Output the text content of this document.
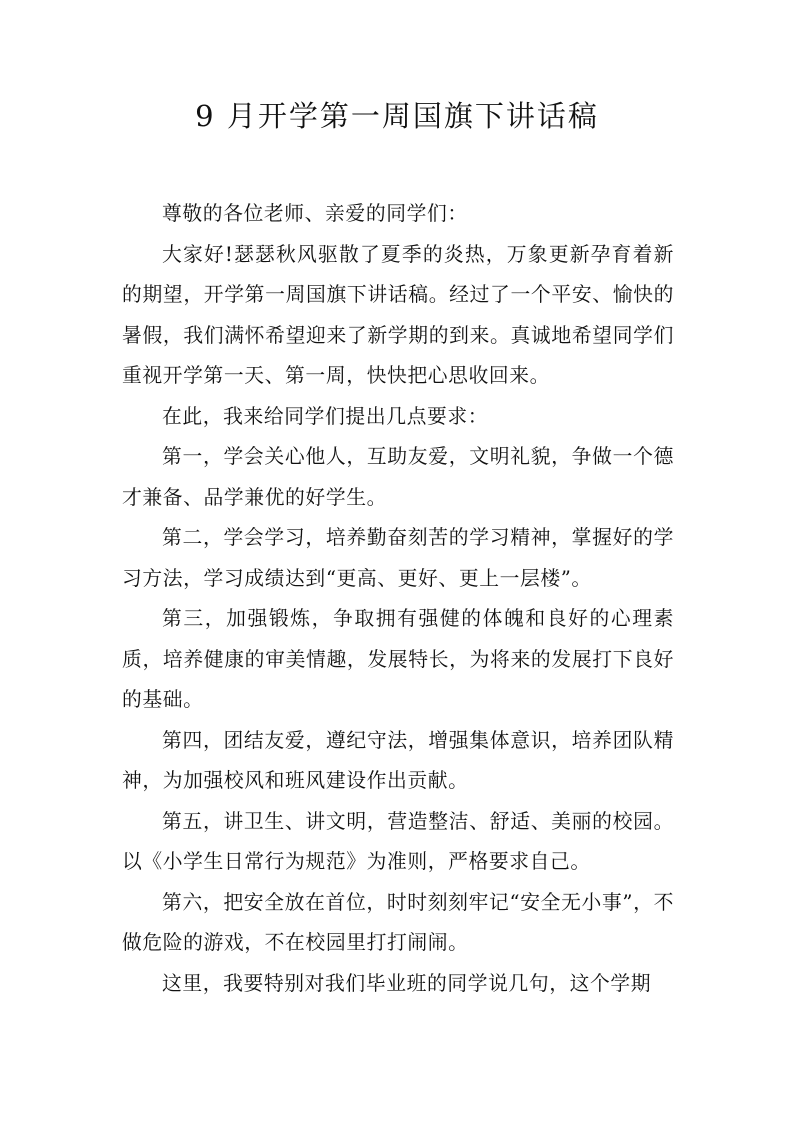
9 月开学第一周国旗下讲话稿

尊敬的各位老师、亲爱的同学们：

大家好!瑟瑟秋风驱散了夏季的炎热，万象更新孕育着新的期望，开学第一周国旗下讲话稿。经过了一个平安、愉快的暑假，我们满怀希望迎来了新学期的到来。真诚地希望同学们重视开学第一天、第一周，快快把心思收回来。

在此，我来给同学们提出几点要求：

第一，学会关心他人，互助友爱，文明礼貌，争做一个德才兼备、品学兼优的好学生。

第二，学会学习，培养勤奋刻苦的学习精神，掌握好的学习方法，学习成绩达到“更高、更好、更上一层楼”。

第三，加强锻炼，争取拥有强健的体魄和良好的心理素质，培养健康的审美情趣，发展特长，为将来的发展打下良好的基础。

第四，团结友爱，遵纪守法，增强集体意识，培养团队精神，为加强校风和班风建设作出贡献。

第五，讲卫生、讲文明，营造整洁、舒适、美丽的校园。以《小学生日常行为规范》为准则，严格要求自己。

第六，把安全放在首位，时时刻刻牢记“安全无小事”，不做危险的游戏，不在校园里打打闹闹。

这里，我要特别对我们毕业班的同学说几句，这个学期
